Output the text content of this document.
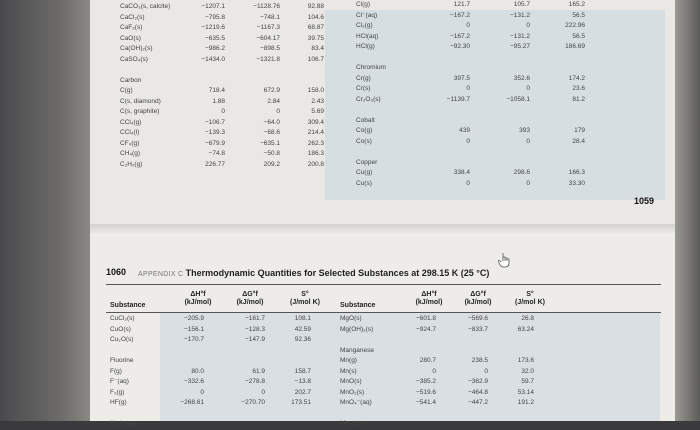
CaCO₃(s, calcite)
CaCl₂(s)
CaF₂(s)
CaO(s)
Ca(OH)₂(s)
CaSO₄(s)

Carbon
C(g)
C(s, diamond)
C(s, graphite)
CCl₄(g)
CCl₄(l)
CF₄(g)
CH₄(g)
C₂H₂(g)
−1207.1
−795.8
−1219.6
−635.5
−986.2
−1434.0

718.4
1.88
0
−106.7
−139.3
−679.9
−74.8
226.77
−1128.76
−748.1
−1167.3
−604.17
−898.5
−1321.8

672.9
2.84
0
−64.0
−68.6
−635.1
−50.8
209.2
92.88
104.6
68.87
39.75
83.4
106.7

158.0
2.43
5.69
309.4
214.4
262.3
186.3
200.8
Cl(g)
Cl⁻(aq)
Cl₂(g)
HCl(aq)
HCl(g)

Chromium
Cr(g)
Cr(s)
Cr₂O₃(s)

Cobalt
Co(g)
Co(s)

Copper
Cu(g)
Cu(s)
121.7
−167.2
0
−167.2
−92.30

397.5
0
−1139.7

439
0

338.4
0
105.7
−131.2
0
−131.2
−95.27

352.6
0
−1058.1

393
0

298.6
0
165.2
56.5
222.96
56.5
186.69

174.2
23.6
81.2

179
28.4

166.3
33.30
1059
1060 APPENDIX C Thermodynamic Quantities for Selected Substances at 298.15 K (25 °C)
Substance
ΔH°f
(kJ/mol)
ΔG°f
(kJ/mol)
S°
(J/mol K)	Substance
ΔH°f
(kJ/mol)
ΔG°f
(kJ/mol)
S°
(J/mol K)
CuCl₂(s)
CuO(s)
Cu₂O(s)

Fluorine
F(g)
F⁻(aq)
F₂(g)
HF(g)

Hydrogen
−205.9
−156.1
−170.7

80.0
−332.6
0
−268.61

−161.7
−128.3
−147.9

61.9
−278.8
0
−270.70

108.1
42.59
92.36

158.7
−13.8
202.7
173.51

MgO(s)
Mg(OH)₂(s)

Manganese
Mn(g)
Mn(s)
MnO(s)
MnO₂(s)
MnO₄⁻(aq)

Mercury
−601.8
−924.7

280.7
0
−385.2
−519.6
−541.4

−569.6
−833.7

238.5
0
−362.9
−464.8
−447.2

26.8
63.24

173.6
32.0
59.7
53.14
191.2
